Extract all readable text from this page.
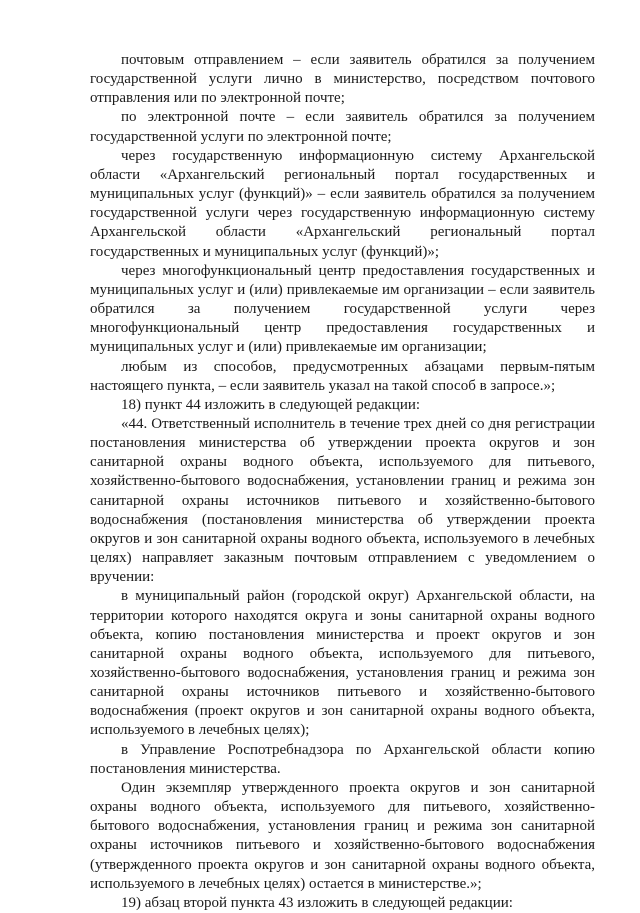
почтовым отправлением – если заявитель обратился за получением государственной услуги лично в министерство, посредством почтового отправления или по электронной почте;

по электронной почте – если заявитель обратился за получением государственной услуги по электронной почте;

через государственную информационную систему Архангельской области «Архангельский региональный портал государственных и муниципальных услуг (функций)» – если заявитель обратился за получением государственной услуги через государственную информационную систему Архангельской области «Архангельский региональный портал государственных и муниципальных услуг (функций)»;

через многофункциональный центр предоставления государственных и муниципальных услуг и (или) привлекаемые им организации – если заявитель обратился за получением государственной услуги через многофункциональный центр предоставления государственных и муниципальных услуг и (или) привлекаемые им организации;

любым из способов, предусмотренных абзацами первым-пятым настоящего пункта, – если заявитель указал на такой способ в запросе.»;

18) пункт 44 изложить в следующей редакции:

«44. Ответственный исполнитель в течение трех дней со дня регистрации постановления министерства об утверждении проекта округов и зон санитарной охраны водного объекта, используемого для питьевого, хозяйственно-бытового водоснабжения, установлении границ и режима зон санитарной охраны источников питьевого и хозяйственно-бытового водоснабжения (постановления министерства об утверждении проекта округов и зон санитарной охраны водного объекта, используемого в лечебных целях) направляет заказным почтовым отправлением с уведомлением о вручении:

в муниципальный район (городской округ) Архангельской области, на территории которого находятся округа и зоны санитарной охраны водного объекта, копию постановления министерства и проект округов и зон санитарной охраны водного объекта, используемого для питьевого, хозяйственно-бытового водоснабжения, установления границ и режима зон санитарной охраны источников питьевого и хозяйственно-бытового водоснабжения (проект округов и зон санитарной охраны водного объекта, используемого в лечебных целях);

в Управление Роспотребнадзора по Архангельской области копию постановления министерства.

Один экземпляр утвержденного проекта округов и зон санитарной охраны водного объекта, используемого для питьевого, хозяйственно-бытового водоснабжения, установления границ и режима зон санитарной охраны источников питьевого и хозяйственно-бытового водоснабжения (утвержденного проекта округов и зон санитарной охраны водного объекта, используемого в лечебных целях) остается в министерстве.»;

19) абзац второй пункта 43 изложить в следующей редакции:
